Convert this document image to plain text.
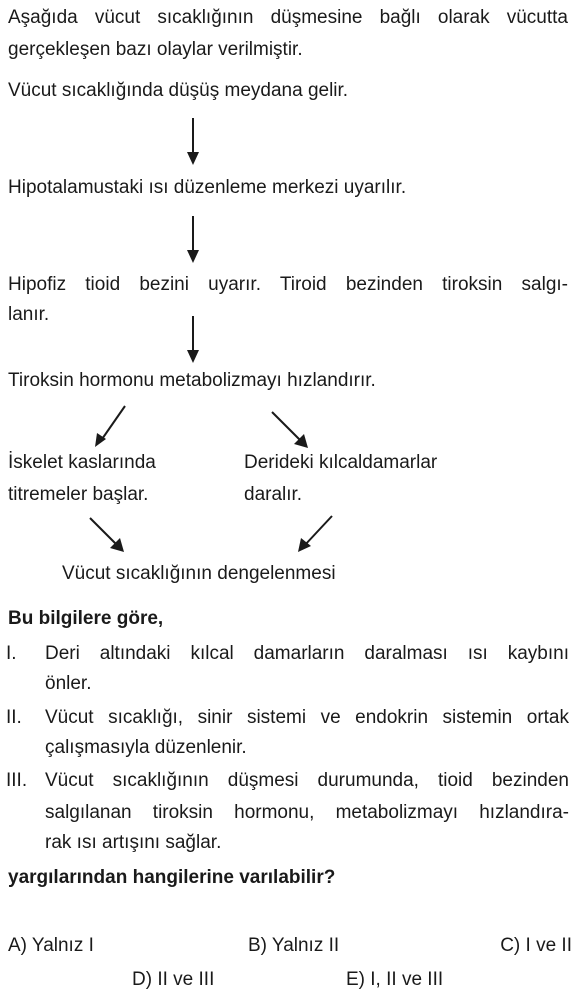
Aşağıda vücut sıcaklığının düşmesine bağlı olarak vücutta
gerçekleşen bazı olaylar verilmiştir.
Vücut sıcaklığında düşüş meydana gelir.
Hipotalamustaki ısı düzenleme merkezi uyarılır.
Hipofiz tioid bezini uyarır. Tiroid bezinden tiroksin salgı-
lanır.
Tiroksin hormonu metabolizmayı hızlandırır.
İskelet kaslarında
titremeler başlar.
Derideki kılcaldamarlar
daralır.
Vücut sıcaklığının dengelenmesi
Bu bilgilere göre,
I. Deri altındaki kılcal damarların daralması ısı kaybını
önler.
II. Vücut sıcaklığı, sinir sistemi ve endokrin sistemin ortak
çalışmasıyla düzenlenir.
III. Vücut sıcaklığının düşmesi durumunda, tioid bezinden
salgılanan tiroksin hormonu, metabolizmayı hızlandıra-
rak ısı artışını sağlar.
yargılarından hangilerine varılabilir?
A) Yalnız I	B) Yalnız II	C) I ve II
D) II ve III	E) I, II ve III
